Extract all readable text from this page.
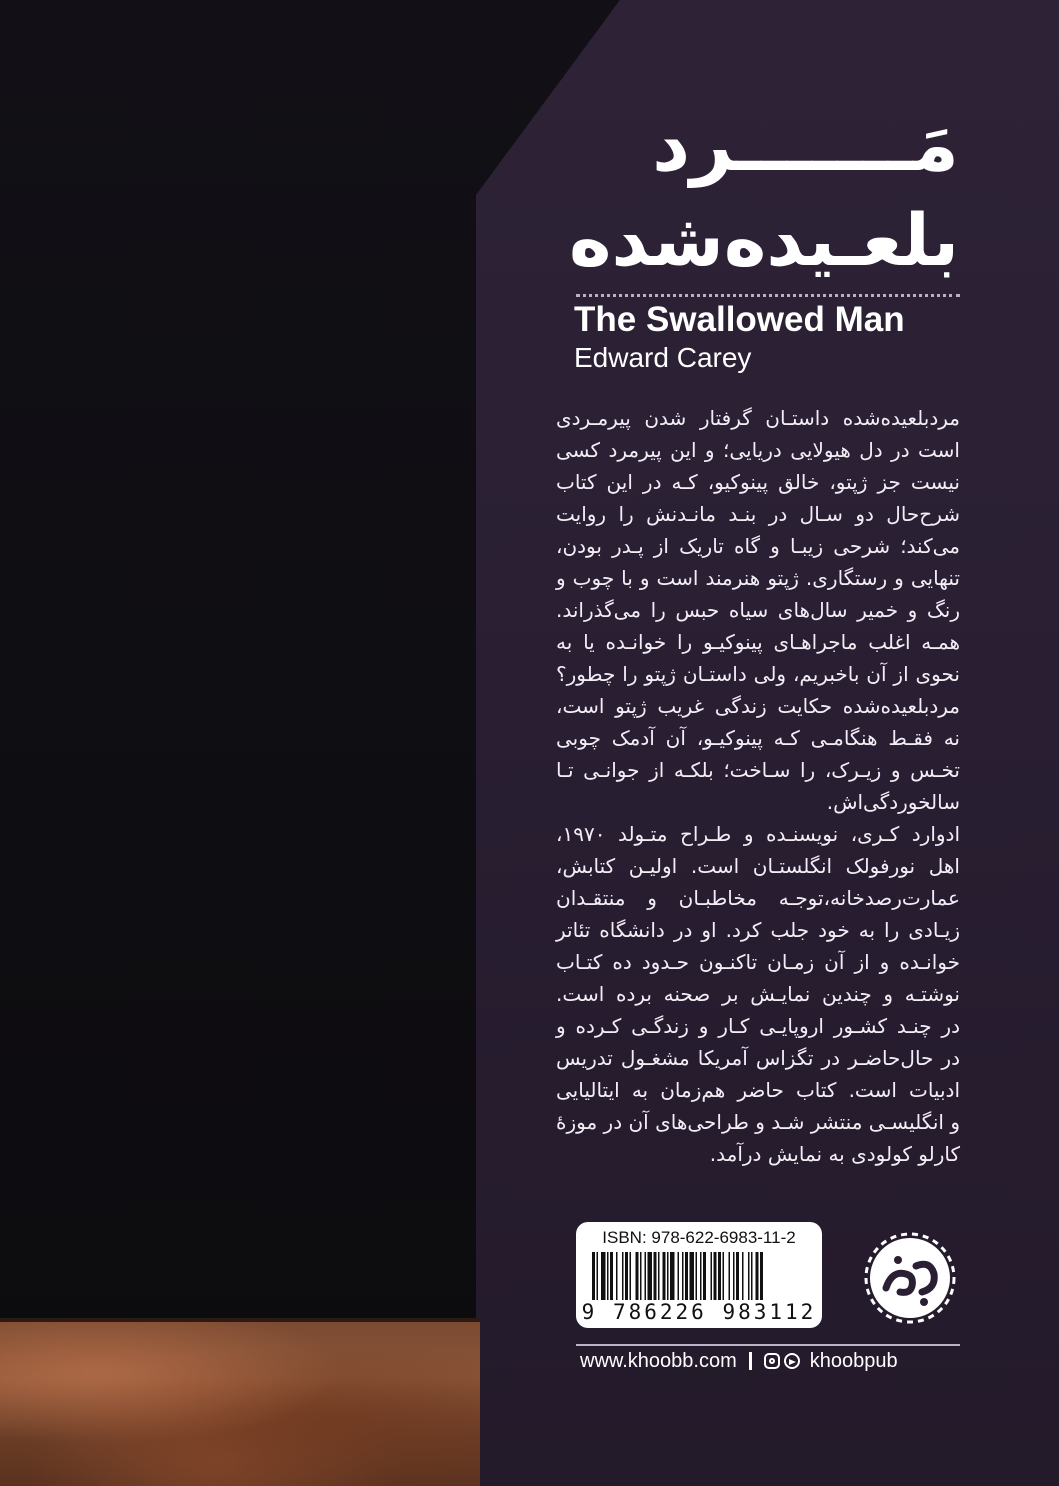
مَـــــــرد
بلعـیده‌شده
The Swallowed Man

Edward Carey

مردبلعیده‌شده داستـان گرفتار شدن پیرمـردی
است در دل هیولایی دریایی؛ و این پیرمرد کسی
نیست جز ژپتو، خالق پینوکیو، کـه در این کتاب
شرح‌حال دو سـال در بنـد مانـدنش را روایت
می‌کند؛ شرحی زیبـا و گاه تاریک از پـدر بودن،
تنهایی و رستگاری. ژپتو هنرمند است و با چوب و
رنگ و خمیر سال‌های سیاه حبس را می‌گذراند.
همـه اغلب ماجراهـای پینوکیـو را خوانـده یا به
نحوی از آن باخبریم، ولی داستـان ژپتو را چطور؟
مردبلعیده‌شده حکایت زندگی غریب ژپتو است،
نه فقـط هنگامـی کـه پینوکیـو، آن آدمک چوبی
تخـس و زیـرک، را سـاخت؛ بلکـه از جوانـی تـا
سالخوردگی‌اش.
ادوارد کـری، نویسنـده و طـراح متـولد ۱۹۷۰،
اهل نورفولک انگلستـان است. اولیـن کتابش،
عمارت‌رصدخانه،توجـه مخاطبـان و منتقـدان
زیـادی را به خود جلب کرد. او در دانشگاه تئاتر
خوانـده و از آن زمـان تاکنـون حـدود ده کتـاب
نوشتـه و چندین نمایـش بر صحنه برده است.
در چنـد کشـور اروپایـی کـار و زندگـی کـرده و
در حال‌حاضـر در تگزاس آمریکا مشغـول تدریس
ادبیات است. کتاب حاضر هم‌زمان به ایتالیایی
و انگلیسـی منتشر شـد و طراحی‌های آن در موزهٔ
کارلو کولودی به نمایش درآمد.

ISBN: 978-622-6983-11-2

9 786226 983112

www.khoobb.com	khoobpub
